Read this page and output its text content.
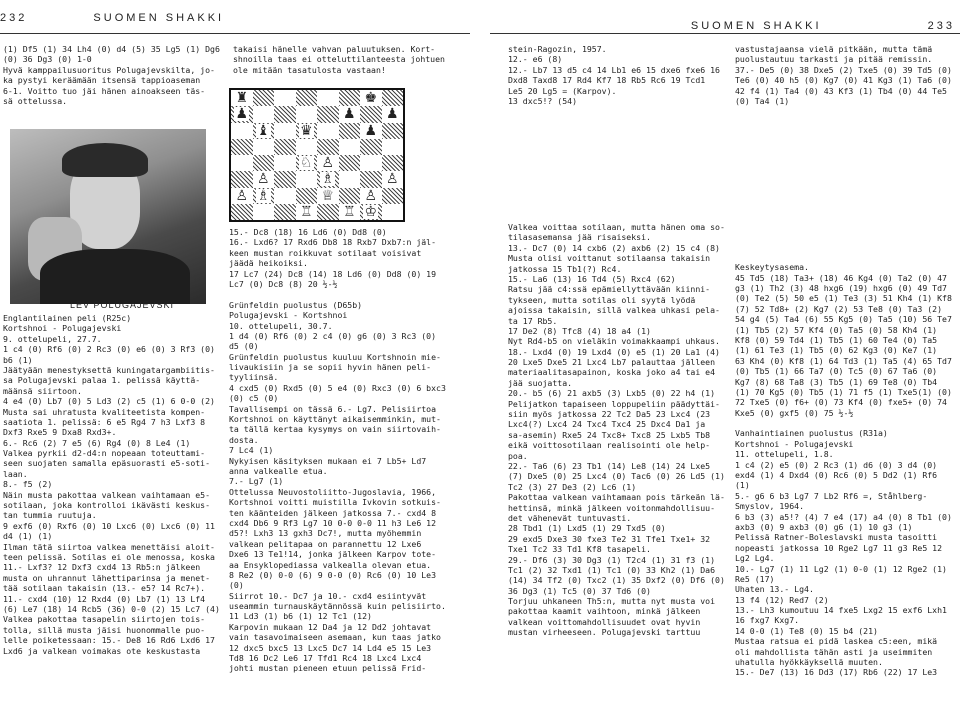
232	SUOMEN SHAKKI
SUOMEN SHAKKI	233
(1) Df5 (1) 34 Lh4 (0) d4 (5) 35 Lg5 (1) Dg6
(0) 36 Dg3 (0) 1-0
Hyvä kamppailusuoritus Polugajevskilta, jo-
ka pystyi keräämään itsensä tappioaseman
6-1. Voitto tuo jäi hänen ainoakseen täs-
sä ottelussa.
LEV POLUGAJEVSKI
Englantilainen peli (R25c)
Kortshnoi - Polugajevski
9. ottelupeli, 27.7.
1 c4 (0) Rf6 (0) 2 Rc3 (0) e6 (0) 3 Rf3 (0)
b6 (1)
Jäätyään menestyksettä kuningatargambiitis-
sa Polugajevski palaa 1. pelissä käyttä-
määnsä siirtoon.
4 e4 (0) Lb7 (0) 5 Ld3 (2) c5 (1) 6 0-0 (2)
Musta sai uhratusta kvaliteetista kompen-
saatiota 1. pelissä: 6 e5 Rg4 7 h3 Lxf3 8
Dxf3 Rxe5 9 Dxa8 Rxd3+.
6.- Rc6 (2) 7 e5 (6) Rg4 (0) 8 Le4 (1)
Valkea pyrkii d2-d4:n nopeaan toteuttami-
seen suojaten samalla epäsuorasti e5-soti-
laan.
8.- f5 (2)
Näin musta pakottaa valkean vaihtamaan e5-
sotilaan, joka kontrolloi ikävästi keskus-
tan tummia ruutuja.
9 exf6 (0) Rxf6 (0) 10 Lxc6 (0) Lxc6 (0) 11
d4 (1) (1)
Ilman tätä siirtoa valkea menettäisi aloit-
teen pelissä. Sotilas ei ole menossa, koska
11.- Lxf3? 12 Dxf3 cxd4 13 Rb5:n jälkeen
musta on uhrannut lähettiparinsa ja menet-
tää sotilaan takaisin (13.- e5? 14 Rc7+).
11.- cxd4 (10) 12 Rxd4 (0) Lb7 (1) 13 Lf4
(6) Le7 (18) 14 Rcb5 (36) 0-0 (2) 15 Lc7 (4)
Valkea pakottaa tasapelin siirtojen tois-
tolla, sillä musta jäisi huonommalle puo-
lelle poiketessaan: 15.- De8 16 Rd6 Lxd6 17
Lxd6 ja valkean voimakas ote keskustasta
takaisi hänelle vahvan paluutuksen. Kort-
shnoilla taas ei otteluttilanteesta johtuen
ole mitään tasatulosta vastaan!
♜	♚
♟	♟ ♟
♝ ♛	♟
♘ ♙
♙	♗	♙
♙ ♗	♕ ♙
♖ ♖ ♔
15.- Dc8 (18) 16 Ld6 (0) Dd8 (0)
16.- Lxd6? 17 Rxd6 Db8 18 Rxb7 Dxb7:n jäl-
keen mustan roikkuvat sotilaat voisivat
jäädä heikoiksi.
17 Lc7 (24) Dc8 (14) 18 Ld6 (0) Dd8 (0) 19
Lc7 (0) Dc8 (8) 20 ½-½
Grünfeldin puolustus (D65b)
Polugajevski - Kortshnoi
10. ottelupeli, 30.7.
1 d4 (0) Rf6 (0) 2 c4 (0) g6 (0) 3 Rc3 (0)
d5 (0)
Grünfeldin puolustus kuuluu Kortshnoin mie-
livaukisiin ja se sopii hyvin hänen peli-
tyyliinsä.
4 cxd5 (0) Rxd5 (0) 5 e4 (0) Rxc3 (0) 6 bxc3
(0) c5 (0)
Tavallisempi on tässä 6.- Lg7. Pelisiirtoa
Kortshnoi on käyttänyt aikaisemminkin, mut-
ta tällä kertaa kysymys on vain siirtovaih-
dosta.
7 Lc4 (1)
Nykyisen käsityksen mukaan ei 7 Lb5+ Ld7
anna valkealle etua.
7.- Lg7 (1)
Ottelussa Neuvostoliitto-Jugoslavia, 1966,
Kortshnoi voitti muistilla Ivkovin sotkuis-
ten käänteiden jälkeen jatkossa 7.- cxd4 8
cxd4 Db6 9 Rf3 Lg7 10 0-0 0-0 11 h3 Le6 12
d5?! Lxh3 13 gxh3 Dc7!, mutta myöhemmin
valkean pelitapaa on parannettu 12 Lxe6
Dxe6 13 Te1!14, jonka jälkeen Karpov tote-
aa Ensyklopediassa valkealla olevan etua.
8 Re2 (0) 0-0 (6) 9 0-0 (0) Rc6 (0) 10 Le3
(0)
Siirrot 10.- Dc7 ja 10.- cxd4 esiintyvät
useammin turnauskäytännössä kuin pelisiirto.
11 Ld3 (1) b6 (1) 12 Tc1 (12)
Karpovin mukaan 12 Da4 ja 12 Dd2 johtavat
vain tasavoimaiseen asemaan, kun taas jatko
12 dxc5 bxc5 13 Lxc5 Dc7 14 Ld4 e5 15 Le3
Td8 16 Dc2 Le6 17 Tfd1 Rc4 18 Lxc4 Lxc4
johti mustan pieneen etuun pelissä Frid-
stein-Ragozin, 1957.
12.- e6 (8)
12.- Lb7 13 d5 c4 14 Lb1 e6 15 dxe6 fxe6 16
Dxd8 Taxd8 17 Rd4 Kf7 18 Rb5 Rc6 19 Tcd1
Le5 20 Lg5 = (Karpov).
13 dxc5!? (54)
Valkea voittaa sotilaan, mutta hänen oma so-
tilasasemansa jää risaiseksi.
13.- Dc7 (0) 14 cxb6 (2) axb6 (2) 15 c4 (8)
Musta olisi voittanut sotilaansa takaisin
jatkossa 15 Tb1(?) Rc4.
15.- La6 (13) 16 Td4 (5) Rxc4 (62)
Ratsu jää c4:ssä epämiellyttävään kiinni-
tykseen, mutta sotilas oli syytä lyödä
ajoissa takaisin, sillä valkea uhkasi pela-
ta 17 Rb5.
17 De2 (8) Tfc8 (4) 18 a4 (1)
Nyt Rd4-b5 on vieläkin voimakkaampi uhkaus.
18.- Lxd4 (0) 19 Lxd4 (0) e5 (1) 20 La1 (4)
20 Lxe5 Dxe5 21 Lxc4 Lb7 palauttaa jälleen
materiaalitasapainon, koska joko a4 tai e4
jää suojatta.
20.- b5 (6) 21 axb5 (3) Lxb5 (0) 22 h4 (1)
Pelijatkon tapaiseen loppupeliin päädyttäi-
siin myös jatkossa 22 Tc2 Da5 23 Lxc4 (23
Lxc4(?) Lxc4 24 Txc4 Txc4 25 Dxc4 Da1 ja
sa-asemin) Rxe5 24 Txc8+ Txc8 25 Lxb5 Tb8
eikä voittosotilaan realisointi ole help-
poa.
22.- Ta6 (6) 23 Tb1 (14) Le8 (14) 24 Lxe5
(7) Dxe5 (0) 25 Lxc4 (0) Tac6 (0) 26 Ld5 (1)
Tc2 (3) 27 De3 (2) Lc6 (1)
Pakottaa valkean vaihtamaan pois tärkeän lä-
hettinsä, minkä jälkeen voitonmahdollisuu-
det vähenevät tuntuvasti.
28 Tbd1 (1) Lxd5 (1) 29 Txd5 (0)
29 exd5 Dxe3 30 fxe3 Te2 31 Tfe1 Txe1+ 32
Txe1 Tc2 33 Td1 Kf8 tasapeli.
29.- Df6 (3) 30 Dg3 (1) T2c4 (1) 31 f3 (1)
Tc1 (2) 32 Txd1 (1) Tc1 (0) 33 Kh2 (1) Da6
(14) 34 Tf2 (0) Txc2 (1) 35 Dxf2 (0) Df6 (0)
36 Dg3 (1) Tc5 (0) 37 Td6 (0)
Torjuu uhkaneen Th5:n, mutta nyt musta voi
pakottaa kaamit vaihtoon, minkä jälkeen
valkean voittomahdollisuudet ovat hyvin
mustan virheeseen. Polugajevski tarttuu
vastustajaansa vielä pitkään, mutta tämä
puolustautuu tarkasti ja pitää remissin.
37.- De5 (0) 38 Dxe5 (2) Txe5 (0) 39 Td5 (0)
Te6 (0) 40 h5 (0) Kg7 (0) 41 Kg3 (1) Ta6 (0)
42 f4 (1) Ta4 (0) 43 Kf3 (1) Tb4 (0) 44 Te5
(0) Ta4 (1)
Keskeytysasema.
45 Td5 (18) Ta3+ (18) 46 Kg4 (0) Ta2 (0) 47
g3 (1) Th2 (3) 48 hxg6 (19) hxg6 (0) 49 Td7
(0) Te2 (5) 50 e5 (1) Te3 (3) 51 Kh4 (1) Kf8
(7) 52 Td8+ (2) Kg7 (2) 53 Te8 (0) Ta3 (2)
54 g4 (5) Ta4 (6) 55 Kg5 (0) Ta5 (10) 56 Te7
(1) Tb5 (2) 57 Kf4 (0) Ta5 (0) 58 Kh4 (1)
Kf8 (0) 59 Td4 (1) Tb5 (1) 60 Te4 (0) Ta5
(1) 61 Te3 (1) Tb5 (0) 62 Kg3 (0) Ke7 (1)
63 Kh4 (0) Kf8 (1) 64 Td3 (1) Ta5 (4) 65 Td7
(0) Tb5 (1) 66 Ta7 (0) Tc5 (0) 67 Ta6 (0)
Kg7 (8) 68 Ta8 (3) Tb5 (1) 69 Te8 (0) Tb4
(1) 70 Kg5 (0) Tb5 (1) 71 f5 (1) Txe5(1) (0)
72 Txe5 (0) f6+ (0) 73 Kf4 (0) fxe5+ (0) 74
Kxe5 (0) gxf5 (0) 75 ½-½
Vanhaintiainen puolustus (R31a)
Kortshnoi - Polugajevski
11. ottelupeli, 1.8.
1 c4 (2) e5 (0) 2 Rc3 (1) d6 (0) 3 d4 (0)
exd4 (1) 4 Dxd4 (0) Rc6 (0) 5 Dd2 (1) Rf6
(1)
5.- g6 6 b3 Lg7 7 Lb2 Rf6 =, Ståhlberg-
Smyslov, 1964.
6 b3 (3) a5!? (4) 7 e4 (17) a4 (0) 8 Tb1 (0)
axb3 (0) 9 axb3 (0) g6 (1) 10 g3 (1)
Pelissä Ratner-Boleslavski musta tasoitti
nopeasti jatkossa 10 Rge2 Lg7 11 g3 Re5 12
Lg2 Lg4.
10.- Lg7 (1) 11 Lg2 (1) 0-0 (1) 12 Rge2 (1)
Re5 (17)
Uhaten 13.- Lg4.
13 f4 (12) Red7 (2)
13.- Lh3 kumoutuu 14 fxe5 Lxg2 15 exf6 Lxh1
16 fxg7 Kxg7.
14 0-0 (1) Te8 (0) 15 b4 (21)
Mustaa ratsua ei pidä laskea c5:een, mikä
oli mahdollista tähän asti ja useimmiten
uhatulla hyökkäyksellä muuten.
15.- De7 (13) 16 Dd3 (17) Rb6 (22) 17 Le3
